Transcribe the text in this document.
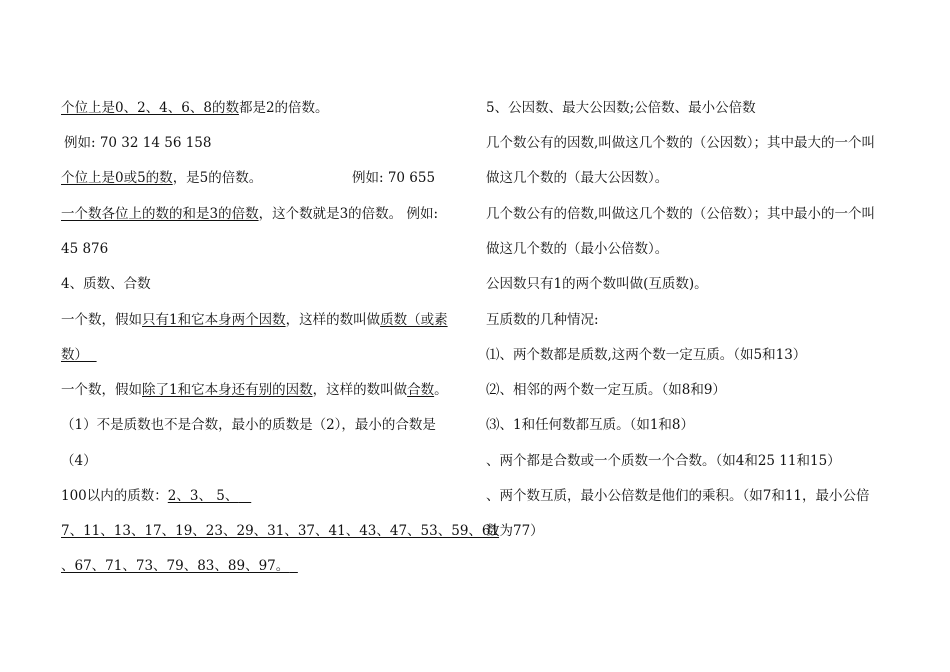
个位上是0、2、4、6、8的数都是2的倍数。
例如: 70 32 14 56 158
个位上是0或5的数，是5的倍数。	例如: 70 655
一个数各位上的数的和是3的倍数，这个数就是3的倍数。 例如:
45 876
4、质数、合数
一个数，假如只有1和它本身两个因数，这样的数叫做质数（或素
数）
一个数，假如除了1和它本身还有别的因数，这样的数叫做合数。
（1）不是质数也不是合数，最小的质数是（2），最小的合数是
（4）
100以内的质数：2、3、 5、
7、11、13、17、19、23、29、31、37、41、43、47、53、59、61
、67、71、73、79、83、89、97。
5、公因数、最大公因数;公倍数、最小公倍数
几个数公有的因数,叫做这几个数的（公因数）；其中最大的一个叫
做这几个数的（最大公因数）。
几个数公有的倍数,叫做这几个数的（公倍数）；其中最小的一个叫
做这几个数的（最小公倍数）。
公因数只有1的两个数叫做(互质数)。
互质数的几种情况:
⑴、两个数都是质数,这两个数一定互质。（如5和13）
⑵、相邻的两个数一定互质。（如8和9）
⑶、1和任何数都互质。（如1和8）
、两个都是合数或一个质数一个合数。（如4和25 11和15）
、两个数互质，最小公倍数是他们的乘积。（如7和11，最小公倍
数为77）
